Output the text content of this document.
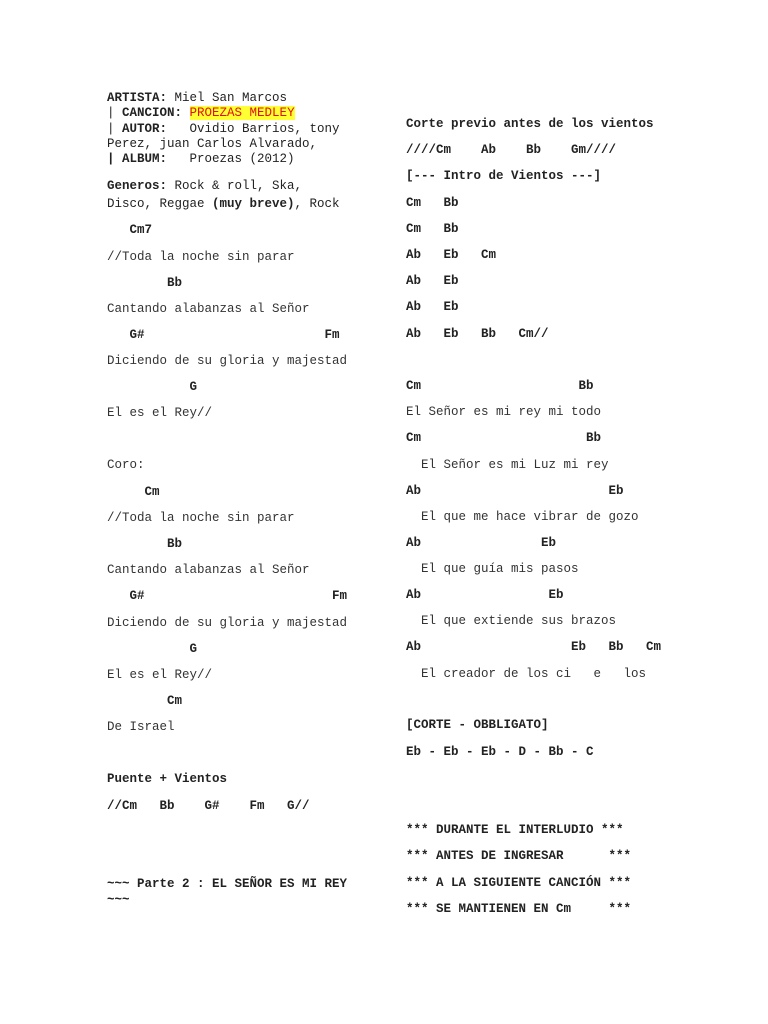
ARTISTA: Miel San Marcos
| CANCION: PROEZAS MEDLEY
| AUTOR:   Ovidio Barrios, tony
Perez, juan Carlos Alvarado,
| ALBUM:   Proezas (2012)
Generos: Rock & roll, Ska,
Disco, Reggae (muy breve), Rock
Cm7
//Toda la noche sin parar
Bb
Cantando alabanzas al Señor
G#                        Fm
Diciendo de su gloria y majestad
G
El es el Rey//
Coro:
Cm
//Toda la noche sin parar
Bb
Cantando alabanzas al Señor
G#                         Fm
Diciendo de su gloria y majestad
G
El es el Rey//
Cm
De Israel
Puente + Vientos
//Cm   Bb    G#    Fm   G//
~~~ Parte 2 : EL SEÑOR ES MI REY
~~~
Corte previo antes de los vientos
////Cm    Ab    Bb    Gm////
[--- Intro de Vientos ---]
Cm   Bb
Cm   Bb
Ab   Eb   Cm
Ab   Eb
Ab   Eb
Ab   Eb   Bb   Cm//
Cm                     Bb
El Señor es mi rey mi todo
Cm                      Bb
El Señor es mi Luz mi rey
Ab                         Eb
El que me hace vibrar de gozo
Ab                Eb
El que guía mis pasos
Ab                 Eb
El que extiende sus brazos
Ab                    Eb   Bb   Cm
El creador de los ci   e   los
[CORTE - OBBLIGATO]
Eb - Eb - Eb - D - Bb - C
*** DURANTE EL INTERLUDIO ***
*** ANTES DE INGRESAR      ***
*** A LA SIGUIENTE CANCIÓN ***
*** SE MANTIENEN EN Cm     ***
